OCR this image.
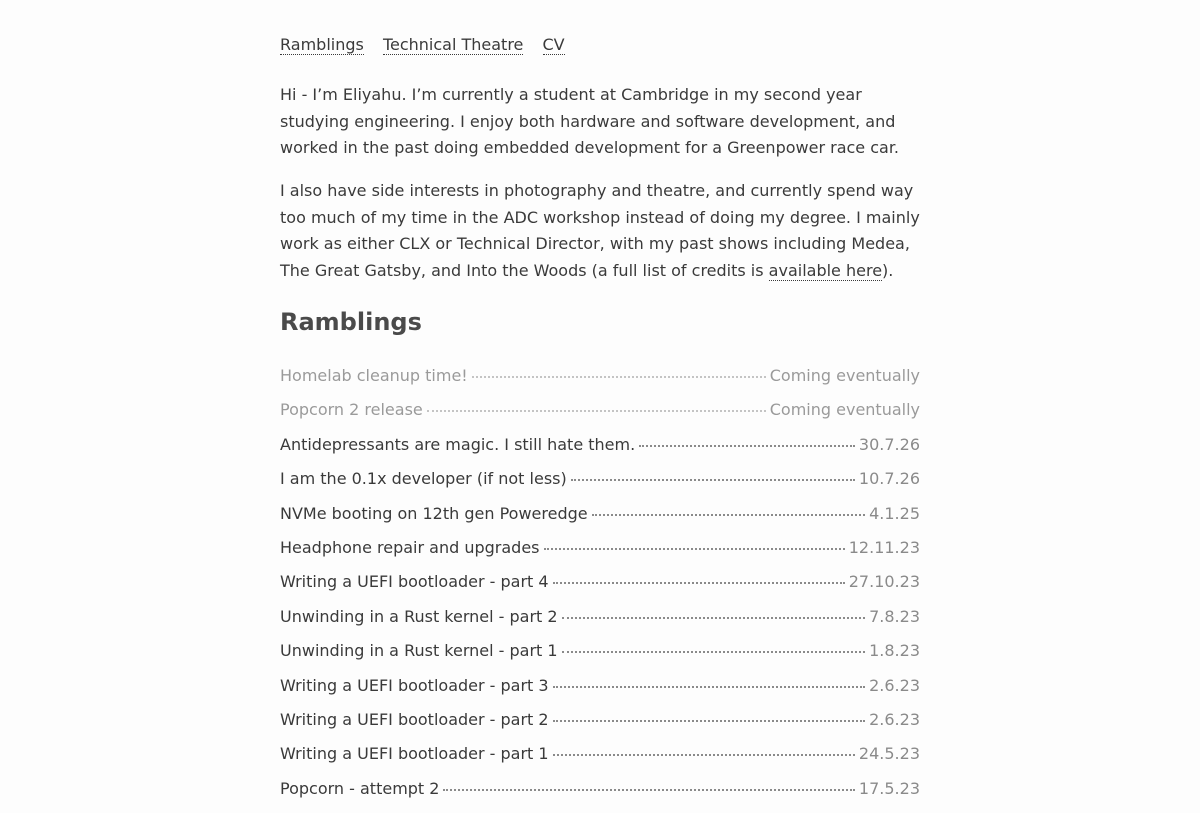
Ramblings Technical Theatre CV

Hi - I’m Eliyahu. I’m currently a student at Cambridge in my second year studying engineering. I enjoy both hardware and software development, and worked in the past doing embedded development for a Greenpower race car.

I also have side interests in photography and theatre, and currently spend way too much of my time in the ADC workshop instead of doing my degree. I mainly work as either CLX or Technical Director, with my past shows including Medea, The Great Gatsby, and Into the Woods (a full list of credits is available here).

Ramblings
Homelab cleanup time!	Coming eventually
Popcorn 2 release	Coming eventually
Antidepressants are magic. I still hate them.	30.7.26
I am the 0.1x developer (if not less)	10.7.26
NVMe booting on 12th gen Poweredge	4.1.25
Headphone repair and upgrades	12.11.23
Writing a UEFI bootloader - part 4	27.10.23
Unwinding in a Rust kernel - part 2	7.8.23
Unwinding in a Rust kernel - part 1	1.8.23
Writing a UEFI bootloader - part 3	2.6.23
Writing a UEFI bootloader - part 2	2.6.23
Writing a UEFI bootloader - part 1	24.5.23
Popcorn - attempt 2	17.5.23
